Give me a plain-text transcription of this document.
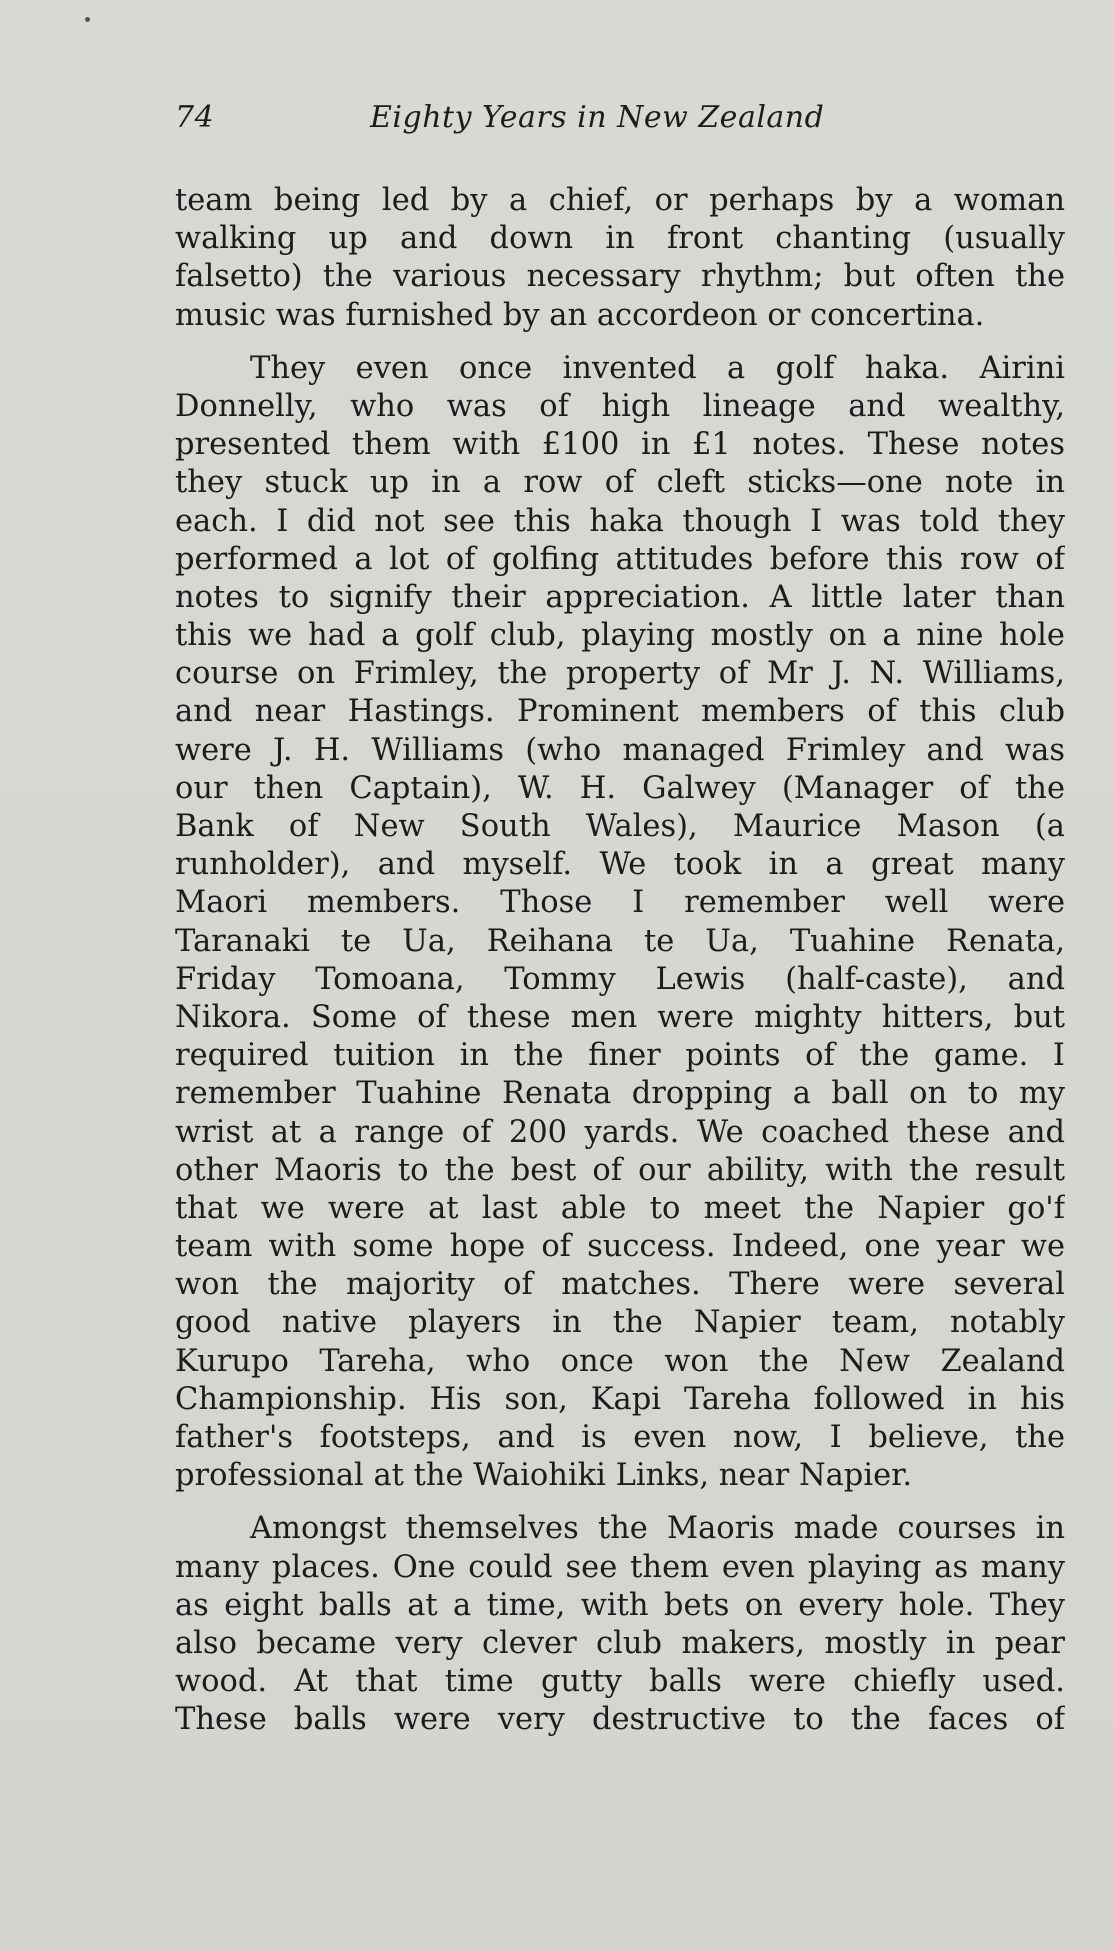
74	Eighty Years in New Zealand

team being led by a chief, or perhaps by a woman
walking up and down in front chanting (usually
falsetto) the various necessary rhythm; but often the
music was furnished by an accordeon or concertina.

They even once invented a golf haka. Airini
Donnelly, who was of high lineage and wealthy,
presented them with £100 in £1 notes. These notes
they stuck up in a row of cleft sticks—one note in
each. I did not see this haka though I was told they
performed a lot of golfing attitudes before this row of
notes to signify their appreciation. A little later than
this we had a golf club, playing mostly on a nine hole
course on Frimley, the property of Mr J. N. Williams,
and near Hastings. Prominent members of this club
were J. H. Williams (who managed Frimley and was
our then Captain), W. H. Galwey (Manager of the
Bank of New South Wales), Maurice Mason (a
runholder), and myself. We took in a great many
Maori members. Those I remember well were
Taranaki te Ua, Reihana te Ua, Tuahine Renata,
Friday Tomoana, Tommy Lewis (half-caste), and
Nikora. Some of these men were mighty hitters, but
required tuition in the finer points of the game. I
remember Tuahine Renata dropping a ball on to my
wrist at a range of 200 yards. We coached these and
other Maoris to the best of our ability, with the result
that we were at last able to meet the Napier go'f
team with some hope of success. Indeed, one year we
won the majority of matches. There were several
good native players in the Napier team, notably
Kurupo Tareha, who once won the New Zealand
Championship. His son, Kapi Tareha followed in his
father's footsteps, and is even now, I believe, the
professional at the Waiohiki Links, near Napier.

Amongst themselves the Maoris made courses in
many places. One could see them even playing as many
as eight balls at a time, with bets on every hole. They
also became very clever club makers, mostly in pear
wood. At that time gutty balls were chiefly used.
These balls were very destructive to the faces of
